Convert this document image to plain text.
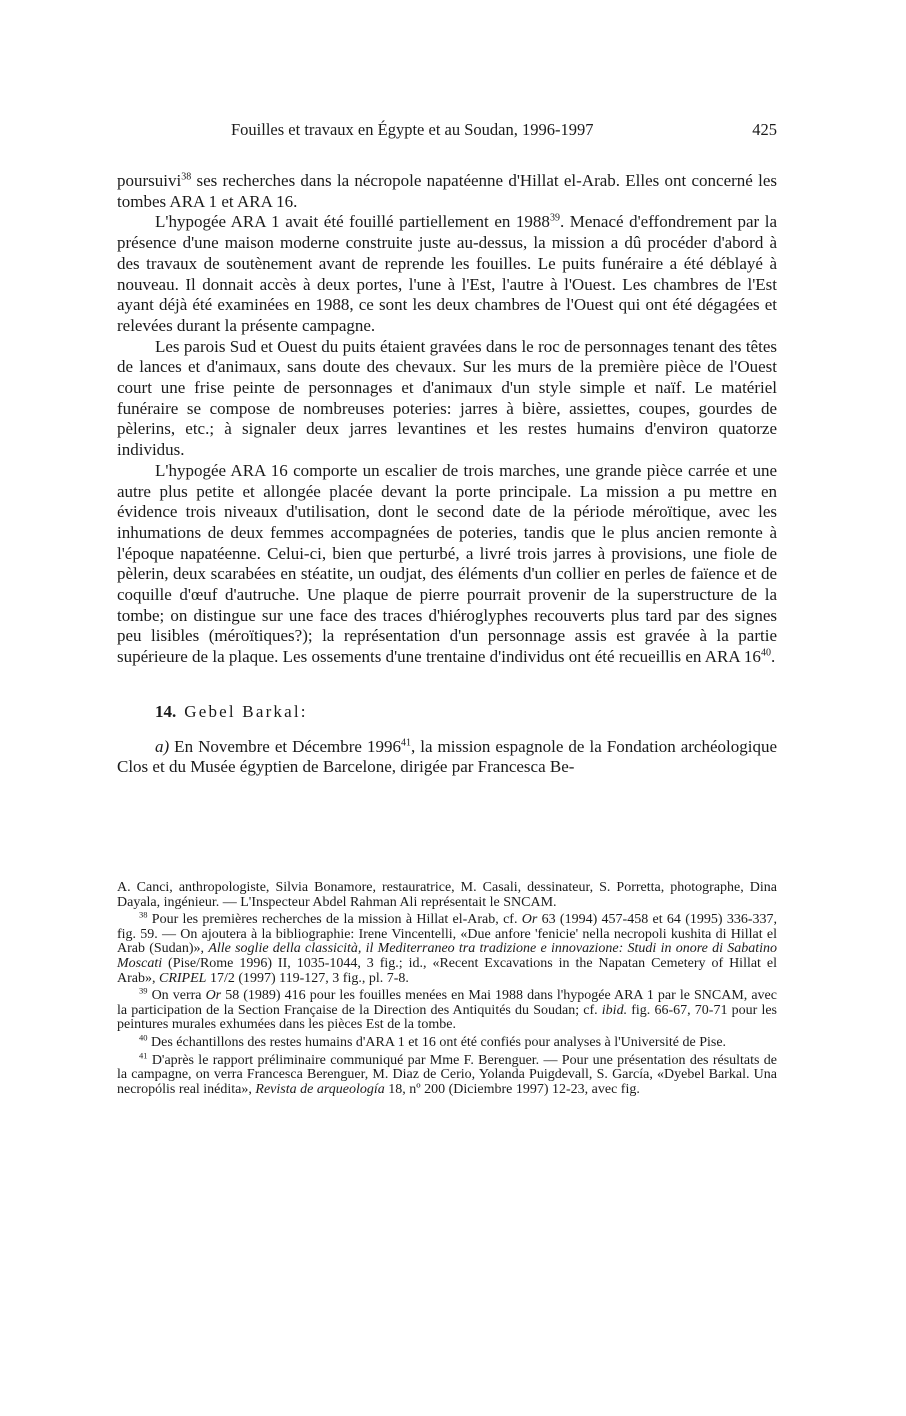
Fouilles et travaux en Égypte et au Soudan, 1996-1997	425

poursuivi$^{38}$ ses recherches dans la nécropole napatéenne d'Hillat el-Arab. Elles ont concerné les tombes ARA 1 et ARA 16.

L'hypogée ARA 1 avait été fouillé partiellement en 1988$^{39}$. Menacé d'effondrement par la présence d'une maison moderne construite juste au-dessus, la mission a dû procéder d'abord à des travaux de soutènement avant de reprende les fouilles. Le puits funéraire a été déblayé à nouveau. Il donnait accès à deux portes, l'une à l'Est, l'autre à l'Ouest. Les chambres de l'Est ayant déjà été examinées en 1988, ce sont les deux chambres de l'Ouest qui ont été dégagées et relevées durant la présente campagne.

Les parois Sud et Ouest du puits étaient gravées dans le roc de personnages tenant des têtes de lances et d'animaux, sans doute des chevaux. Sur les murs de la première pièce de l'Ouest court une frise peinte de personnages et d'animaux d'un style simple et naïf. Le matériel funéraire se compose de nombreuses poteries: jarres à bière, assiettes, coupes, gourdes de pèlerins, etc.; à signaler deux jarres levantines et les restes humains d'environ quatorze individus.

L'hypogée ARA 16 comporte un escalier de trois marches, une grande pièce carrée et une autre plus petite et allongée placée devant la porte principale. La mission a pu mettre en évidence trois niveaux d'utilisation, dont le second date de la période méroïtique, avec les inhumations de deux femmes accompagnées de poteries, tandis que le plus ancien remonte à l'époque napatéenne. Celui-ci, bien que perturbé, a livré trois jarres à provisions, une fiole de pèlerin, deux scarabées en stéatite, un oudjat, des éléments d'un collier en perles de faïence et de coquille d'œuf d'autruche. Une plaque de pierre pourrait provenir de la superstructure de la tombe; on distingue sur une face des traces d'hiéroglyphes recouverts plus tard par des signes peu lisibles (méroïtiques?); la représentation d'un personnage assis est gravée à la partie supérieure de la plaque. Les ossements d'une trentaine d'individus ont été recueillis en ARA $16^{40}$.

14. Gebel Barkal:

a) En Novembre et Décembre 1996$^{41}$, la mission espagnole de la Fondation archéologique Clos et du Musée égyptien de Barcelone, dirigée par Francesca Be-

A. Canci, anthropologiste, Silvia Bonamore, restauratrice, M. Casali, dessinateur, S. Porretta, photographe, Dina Dayala, ingénieur. — L'Inspecteur Abdel Rahman Ali représentait le SNCAM.

$^{38}$ Pour les premières recherches de la mission à Hillat el-Arab, cf. Or 63 (1994) 457-458 et 64 (1995) 336-337, fig. 59. — On ajoutera à la bibliographie: Irene Vincentelli, «Due anfore 'fenicie' nella necropoli kushita di Hillat el Arab (Sudan)», Alle soglie della classicità, il Mediterraneo tra tradizione e innovazione: Studi in onore di Sabatino Moscati (Pise/Rome 1996) II, 1035-1044, 3 fig.; id., «Recent Excavations in the Napatan Cemetery of Hillat el Arab», CRIPEL 17/2 (1997) 119-127, 3 fig., pl. 7-8.

$^{39}$ On verra Or 58 (1989) 416 pour les fouilles menées en Mai 1988 dans l'hypogée ARA 1 par le SNCAM, avec la participation de la Section Française de la Direction des Antiquités du Soudan; cf. ibid. fig. 66-67, 70-71 pour les peintures murales exhumées dans les pièces Est de la tombe.

$^{40}$ Des échantillons des restes humains d'ARA 1 et 16 ont été confiés pour analyses à l'Université de Pise.

$^{41}$ D'après le rapport préliminaire communiqué par Mme F. Berenguer. — Pour une présentation des résultats de la campagne, on verra Francesca Berenguer, M. Diaz de Cerio, Yolanda Puigdevall, S. García, «Dyebel Barkal. Una necropólis real inédita», Revista de arqueología 18, nº 200 (Diciembre 1997) 12-23, avec fig.
